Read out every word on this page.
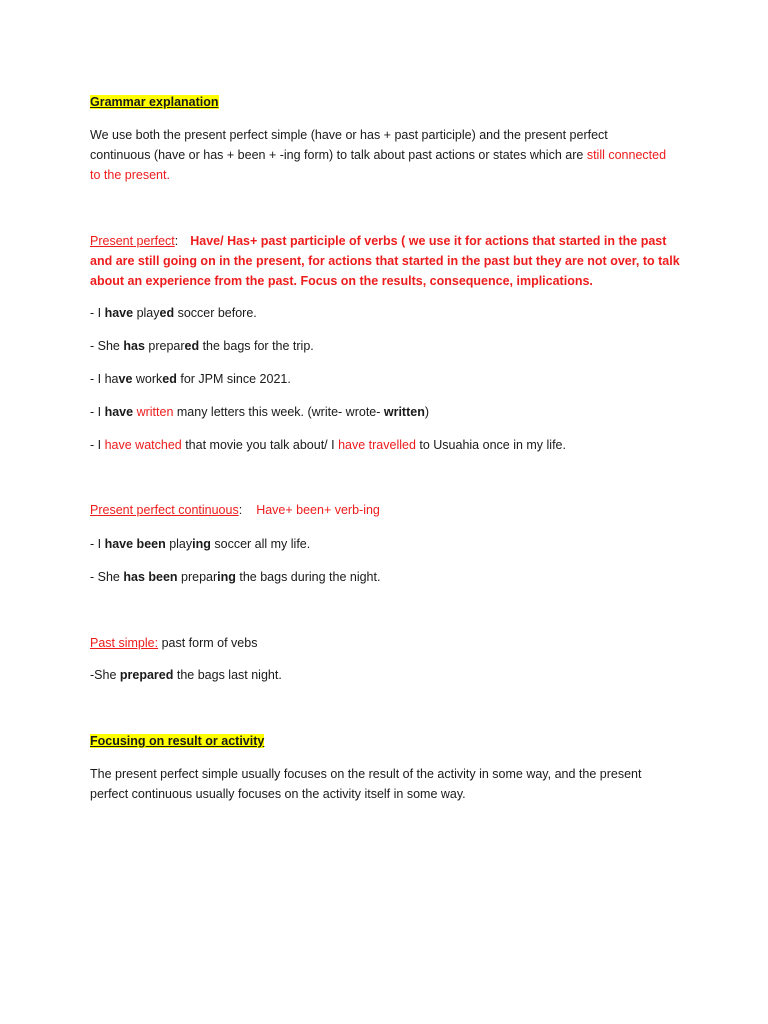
Grammar explanation

We use both the present perfect simple (have or has + past participle) and the present perfect

continuous (have or has + been + -ing form) to talk about past actions or states which are still connected

to the present.

Present perfect: Have/ Has+ past participle of verbs ( we use it for actions that started in the past

and are still going on in the present, for actions that started in the past but they are not over, to talk

about an experience from the past. Focus on the results, consequence, implications.

- I have played soccer before.

- She has prepared the bags for the trip.

- I have worked for JPM since 2021.

- I have written many letters this week. (write- wrote- written)

- I have watched that movie you talk about/ I have travelled to Usuahia once in my life.

Present perfect continuous: Have+ been+ verb-ing

- I have been playing soccer all my life.

- She has been preparing the bags during the night.

Past simple: past form of vebs

-She prepared the bags last night.

Focusing on result or activity

The present perfect simple usually focuses on the result of the activity in some way, and the present

perfect continuous usually focuses on the activity itself in some way.
